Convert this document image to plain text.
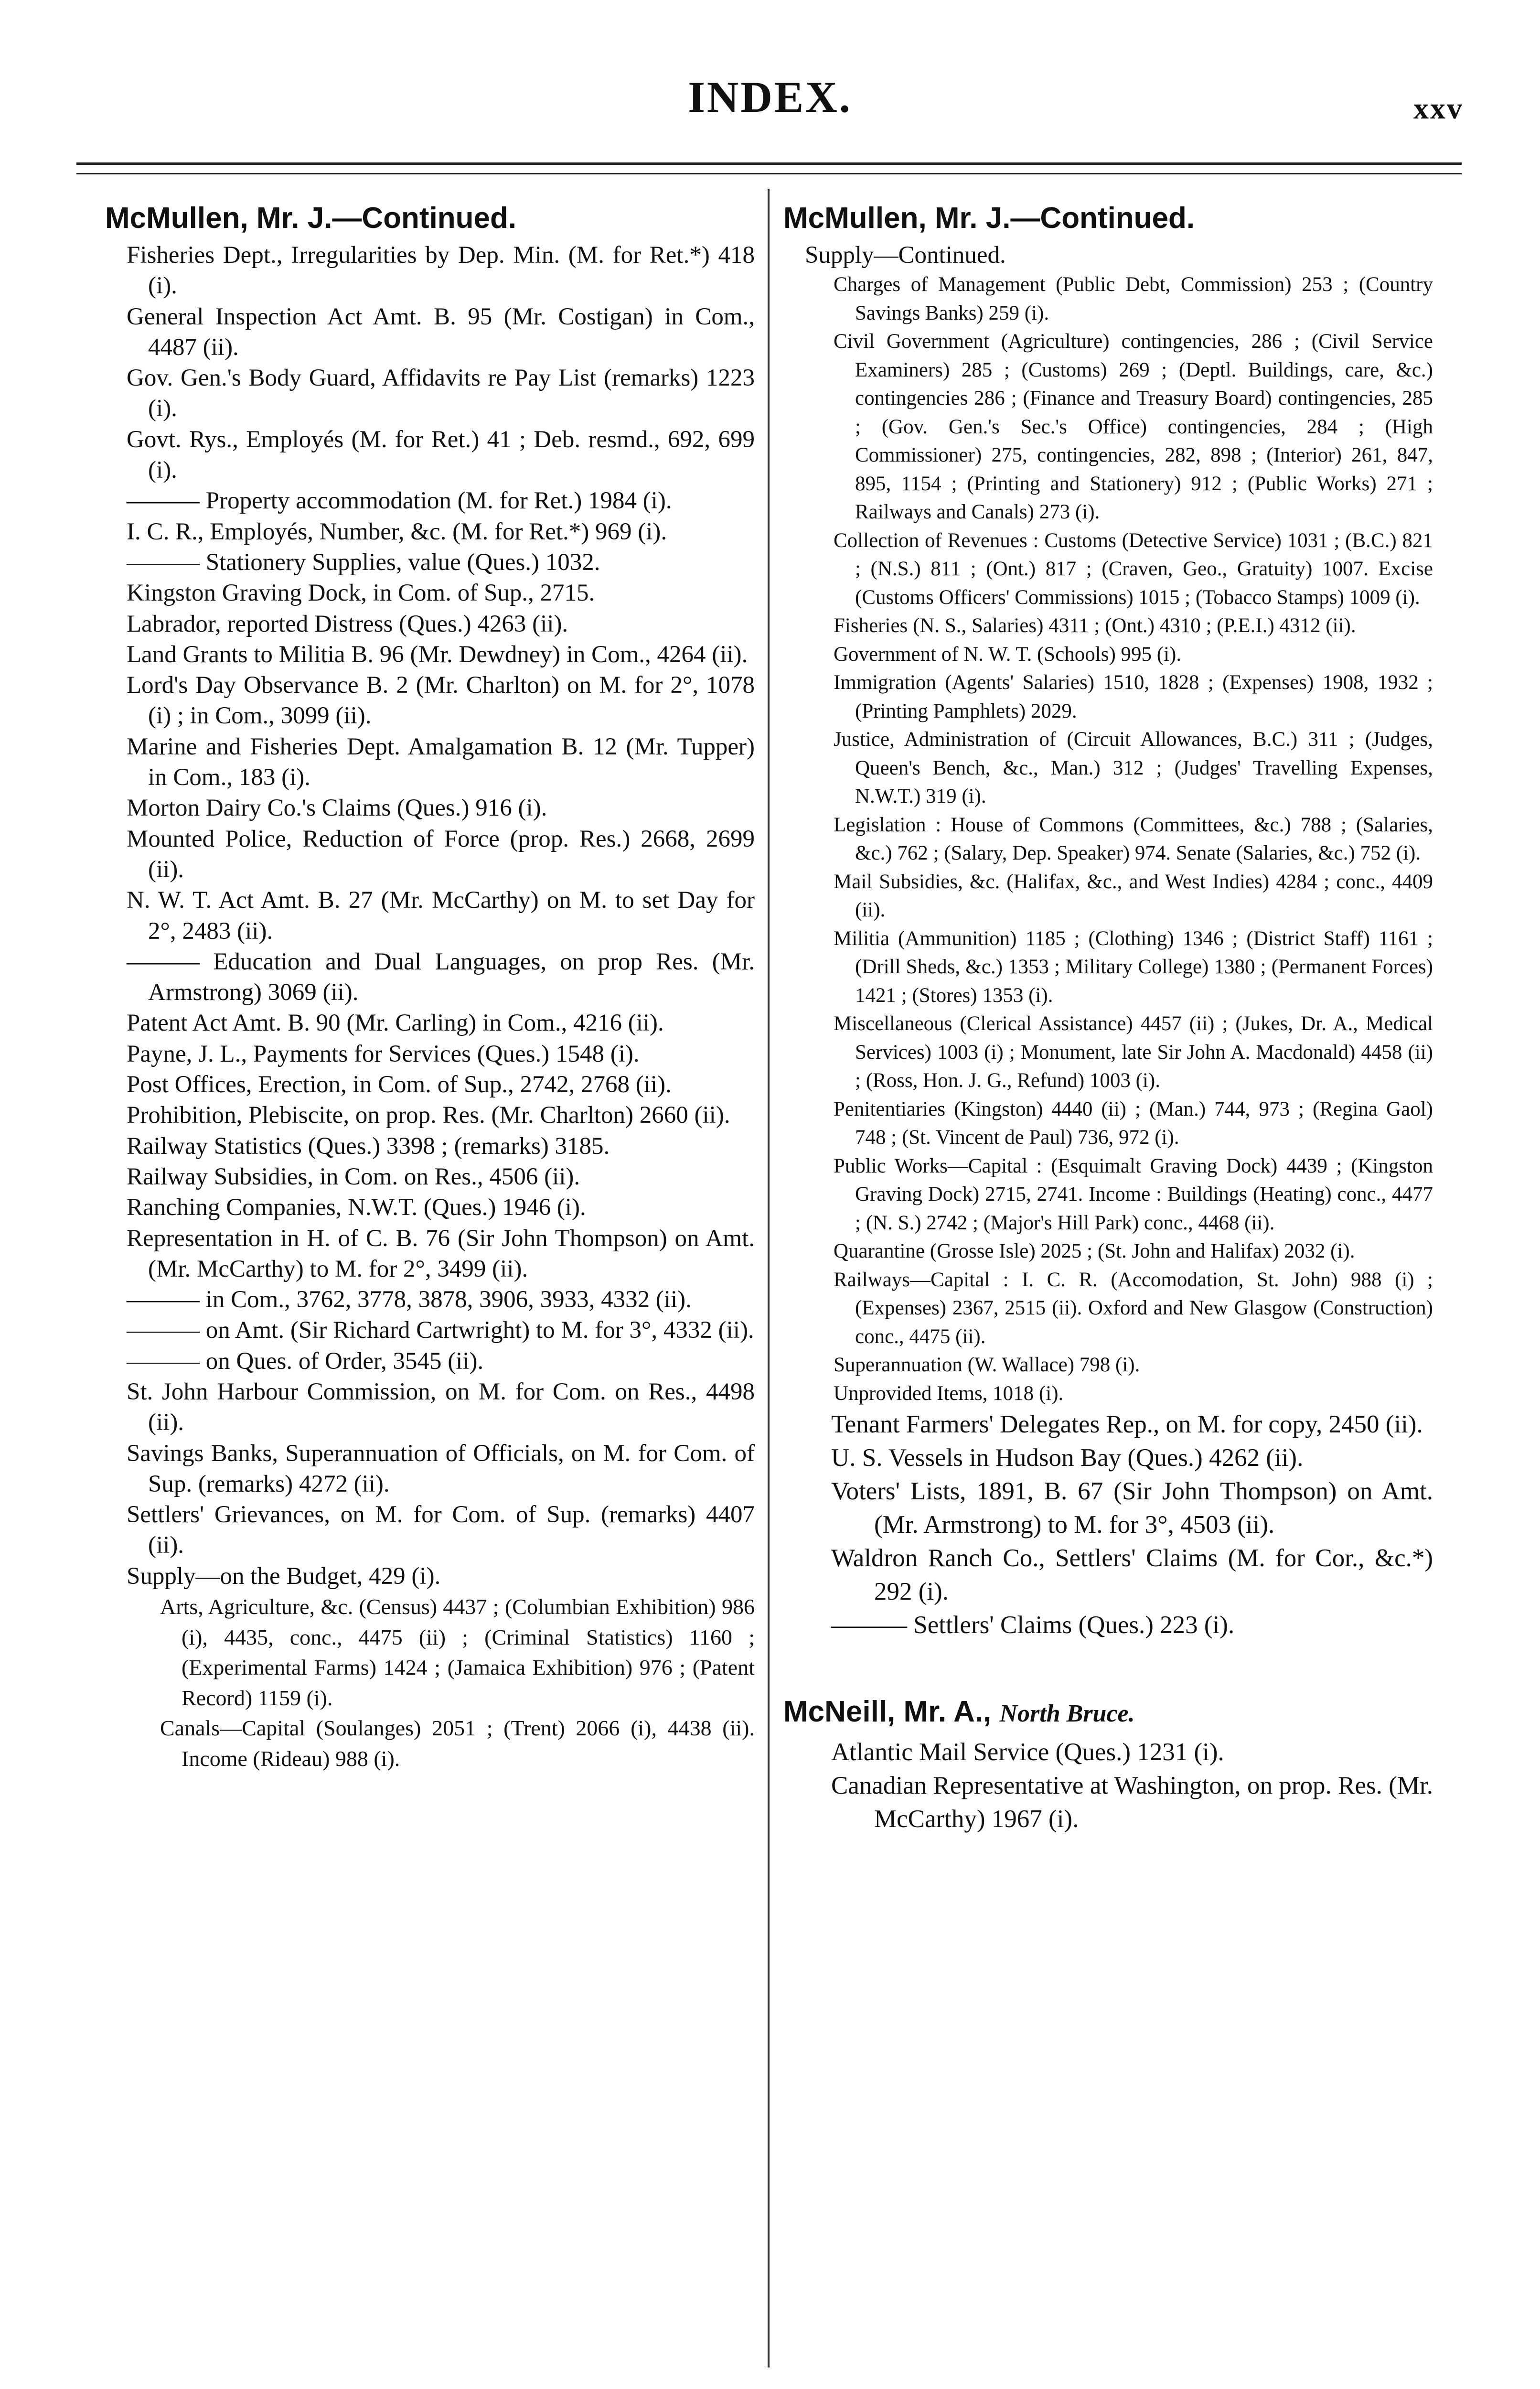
INDEX.	xxv
McMullen, Mr. J.—Continued.

Fisheries Dept., Irregularities by Dep. Min. (M. for Ret.*) 418 (i).

General Inspection Act Amt. B. 95 (Mr. Costigan) in Com., 4487 (ii).

Gov. Gen.'s Body Guard, Affidavits re Pay List (remarks) 1223 (i).

Govt. Rys., Employés (M. for Ret.) 41 ; Deb. resmd., 692, 699 (i).

——— Property accommodation (M. for Ret.) 1984 (i).

I. C. R., Employés, Number, &c. (M. for Ret.*) 969 (i).

——— Stationery Supplies, value (Ques.) 1032.

Kingston Graving Dock, in Com. of Sup., 2715.

Labrador, reported Distress (Ques.) 4263 (ii).

Land Grants to Militia B. 96 (Mr. Dewdney) in Com., 4264 (ii).

Lord's Day Observance B. 2 (Mr. Charlton) on M. for 2°, 1078 (i) ; in Com., 3099 (ii).

Marine and Fisheries Dept. Amalgamation B. 12 (Mr. Tupper) in Com., 183 (i).

Morton Dairy Co.'s Claims (Ques.) 916 (i).

Mounted Police, Reduction of Force (prop. Res.) 2668, 2699 (ii).

N. W. T. Act Amt. B. 27 (Mr. McCarthy) on M. to set Day for 2°, 2483 (ii).

——— Education and Dual Languages, on prop Res. (Mr. Armstrong) 3069 (ii).

Patent Act Amt. B. 90 (Mr. Carling) in Com., 4216 (ii).

Payne, J. L., Payments for Services (Ques.) 1548 (i).

Post Offices, Erection, in Com. of Sup., 2742, 2768 (ii).

Prohibition, Plebiscite, on prop. Res. (Mr. Charlton) 2660 (ii).

Railway Statistics (Ques.) 3398 ; (remarks) 3185.

Railway Subsidies, in Com. on Res., 4506 (ii).

Ranching Companies, N.W.T. (Ques.) 1946 (i).

Representation in H. of C. B. 76 (Sir John Thompson) on Amt. (Mr. McCarthy) to M. for 2°, 3499 (ii).

——— in Com., 3762, 3778, 3878, 3906, 3933, 4332 (ii).

——— on Amt. (Sir Richard Cartwright) to M. for 3°, 4332 (ii).

——— on Ques. of Order, 3545 (ii).

St. John Harbour Commission, on M. for Com. on Res., 4498 (ii).

Savings Banks, Superannuation of Officials, on M. for Com. of Sup. (remarks) 4272 (ii).

Settlers' Grievances, on M. for Com. of Sup. (remarks) 4407 (ii).

Supply—on the Budget, 429 (i).

Arts, Agriculture, &c. (Census) 4437 ; (Columbian Exhibition) 986 (i), 4435, conc., 4475 (ii) ; (Criminal Statistics) 1160 ; (Experimental Farms) 1424 ; (Jamaica Exhibition) 976 ; (Patent Record) 1159 (i).

Canals—Capital (Soulanges) 2051 ; (Trent) 2066 (i), 4438 (ii). Income (Rideau) 988 (i).

McMullen, Mr. J.—Continued.
Supply—Continued.

Charges of Management (Public Debt, Commission) 253 ; (Country Savings Banks) 259 (i).

Civil Government (Agriculture) contingencies, 286 ; (Civil Service Examiners) 285 ; (Customs) 269 ; (Deptl. Buildings, care, &c.) contingencies 286 ; (Finance and Treasury Board) contingencies, 285 ; (Gov. Gen.'s Sec.'s Office) contingencies, 284 ; (High Commissioner) 275, contingencies, 282, 898 ; (Interior) 261, 847, 895, 1154 ; (Printing and Stationery) 912 ; (Public Works) 271 ; Railways and Canals) 273 (i).

Collection of Revenues : Customs (Detective Service) 1031 ; (B.C.) 821 ; (N.S.) 811 ; (Ont.) 817 ; (Craven, Geo., Gratuity) 1007. Excise (Customs Officers' Commissions) 1015 ; (Tobacco Stamps) 1009 (i).

Fisheries (N. S., Salaries) 4311 ; (Ont.) 4310 ; (P.E.I.) 4312 (ii).

Government of N. W. T. (Schools) 995 (i).

Immigration (Agents' Salaries) 1510, 1828 ; (Expenses) 1908, 1932 ; (Printing Pamphlets) 2029.

Justice, Administration of (Circuit Allowances, B.C.) 311 ; (Judges, Queen's Bench, &c., Man.) 312 ; (Judges' Travelling Expenses, N.W.T.) 319 (i).

Legislation : House of Commons (Committees, &c.) 788 ; (Salaries, &c.) 762 ; (Salary, Dep. Speaker) 974. Senate (Salaries, &c.) 752 (i).

Mail Subsidies, &c. (Halifax, &c., and West Indies) 4284 ; conc., 4409 (ii).

Militia (Ammunition) 1185 ; (Clothing) 1346 ; (District Staff) 1161 ; (Drill Sheds, &c.) 1353 ; Military College) 1380 ; (Permanent Forces) 1421 ; (Stores) 1353 (i).

Miscellaneous (Clerical Assistance) 4457 (ii) ; (Jukes, Dr. A., Medical Services) 1003 (i) ; Monument, late Sir John A. Macdonald) 4458 (ii) ; (Ross, Hon. J. G., Refund) 1003 (i).

Penitentiaries (Kingston) 4440 (ii) ; (Man.) 744, 973 ; (Regina Gaol) 748 ; (St. Vincent de Paul) 736, 972 (i).

Public Works—Capital : (Esquimalt Graving Dock) 4439 ; (Kingston Graving Dock) 2715, 2741. Income : Buildings (Heating) conc., 4477 ; (N. S.) 2742 ; (Major's Hill Park) conc., 4468 (ii).

Quarantine (Grosse Isle) 2025 ; (St. John and Halifax) 2032 (i).

Railways—Capital : I. C. R. (Accomodation, St. John) 988 (i) ; (Expenses) 2367, 2515 (ii). Oxford and New Glasgow (Construction) conc., 4475 (ii).

Superannuation (W. Wallace) 798 (i).

Unprovided Items, 1018 (i).

Tenant Farmers' Delegates Rep., on M. for copy, 2450 (ii).

U. S. Vessels in Hudson Bay (Ques.) 4262 (ii).

Voters' Lists, 1891, B. 67 (Sir John Thompson) on Amt. (Mr. Armstrong) to M. for 3°, 4503 (ii).

Waldron Ranch Co., Settlers' Claims (M. for Cor., &c.*) 292 (i).

——— Settlers' Claims (Ques.) 223 (i).

McNeill, Mr. A., North Bruce.

Atlantic Mail Service (Ques.) 1231 (i).

Canadian Representative at Washington, on prop. Res. (Mr. McCarthy) 1967 (i).
